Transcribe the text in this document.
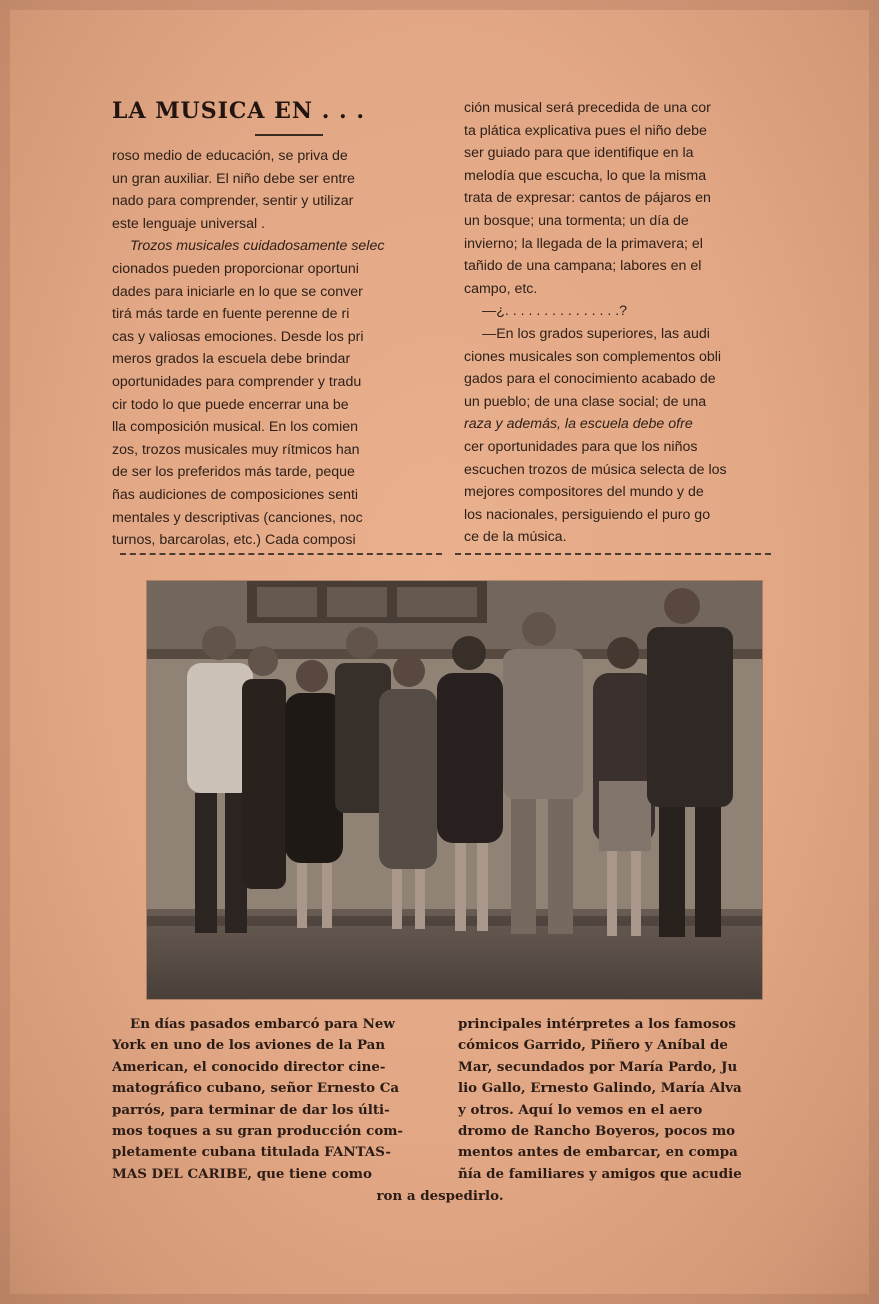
LA MUSICA EN . . .

roso medio de educación, se priva de

un gran auxiliar. El niño debe ser entre

nado para comprender, sentir y utilizar

este lenguaje universal .

Trozos musicales cuidadosamente selec

cionados pueden proporcionar oportuni

dades para iniciarle en lo que se conver

tirá más tarde en fuente perenne de ri

cas y valiosas emociones. Desde los pri

meros grados la escuela debe brindar

oportunidades para comprender y tradu

cir todo lo que puede encerrar una be

lla composición musical. En los comien

zos, trozos musicales muy rítmicos han

de ser los preferidos más tarde, peque

ñas audiciones de composiciones senti

mentales y descriptivas (canciones, noc

turnos, barcarolas, etc.) Cada composi

ción musical será precedida de una cor

ta plática explicativa pues el niño debe

ser guiado para que identifique en la

melodía que escucha, lo que la misma

trata de expresar: cantos de pájaros en

un bosque; una tormenta; un día de

invierno; la llegada de la primavera; el

tañido de una campana; labores en el

campo, etc.

—¿. . . . . . . . . . . . . . .?

—En los grados superiores, las audi

ciones musicales son complementos obli

gados para el conocimiento acabado de

un pueblo; de una clase social; de una

raza y además, la escuela debe ofre

cer oportunidades para que los niños

escuchen trozos de música selecta de los

mejores compositores del mundo y de

los nacionales, persiguiendo el puro go

ce de la música.

En días pasados embarcó para New

York en uno de los aviones de la Pan

American, el conocido director cine-

matográfico cubano, señor Ernesto Ca

parrós, para terminar de dar los últi-

mos toques a su gran producción com-

pletamente cubana titulada FANTAS-

MAS DEL CARIBE, que tiene como

principales intérpretes a los famosos

cómicos Garrido, Piñero y Aníbal de

Mar, secundados por María Pardo, Ju

lio Gallo, Ernesto Galindo, María Alva

y otros. Aquí lo vemos en el aero

dromo de Rancho Boyeros, pocos mo

mentos antes de embarcar, en compa

ñía de familiares y amigos que acudie

ron a despedirlo.
